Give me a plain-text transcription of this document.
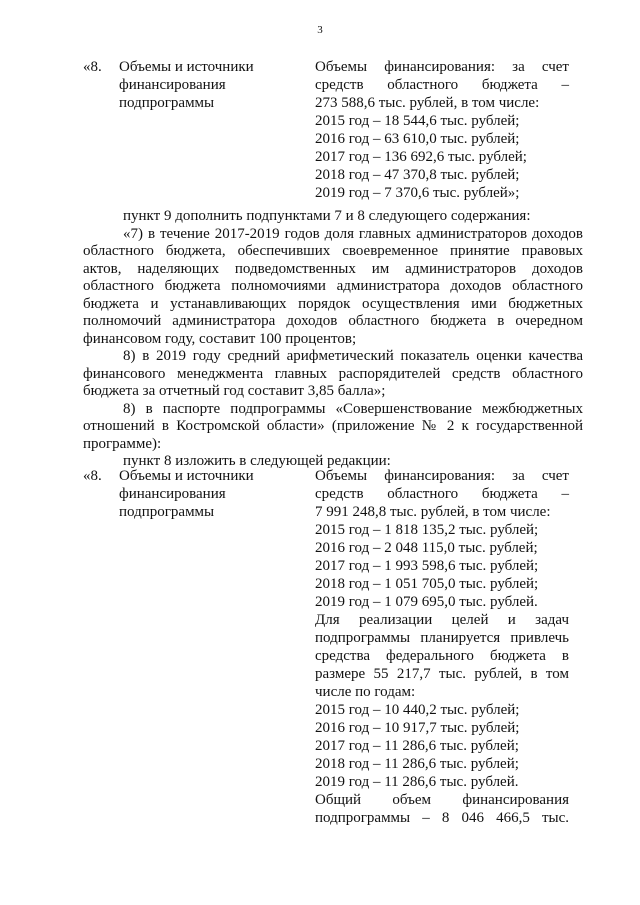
3
«8. Объемы и источники
финансирования
подпрограммы
Объемы финансирования: за счет
средств областного бюджета –
273 588,6 тыс. рублей, в том числе:
2015 год – 18 544,6 тыс. рублей;
2016 год – 63 610,0 тыс. рублей;
2017 год – 136 692,6 тыс. рублей;
2018 год – 47 370,8 тыс. рублей;
2019 год – 7 370,6 тыс. рублей»;
пункт 9 дополнить подпунктами 7 и 8 следующего содержания:
«7) в течение 2017-2019 годов доля главных администраторов доходов областного бюджета, обеспечивших своевременное принятие правовых актов, наделяющих подведомственных им администраторов доходов областного бюджета полномочиями администратора доходов областного бюджета и устанавливающих порядок осуществления ими бюджетных полномочий администратора доходов областного бюджета в очередном финансовом году, составит 100 процентов;
8) в 2019 году средний арифметический показатель оценки качества финансового менеджмента главных распорядителей средств областного бюджета за отчетный год составит 3,85 балла»;
8) в паспорте подпрограммы «Совершенствование межбюджетных отношений в Костромской области» (приложение № 2 к государственной программе):
пункт 8 изложить в следующей редакции:
«8. Объемы и источники
финансирования
подпрограммы
Объемы финансирования: за счет
средств областного бюджета –
7 991 248,8 тыс. рублей, в том числе:
2015 год – 1 818 135,2 тыс. рублей;
2016 год – 2 048 115,0 тыс. рублей;
2017 год – 1 993 598,6 тыс. рублей;
2018 год – 1 051 705,0 тыс. рублей;
2019 год – 1 079 695,0 тыс. рублей.
Для реализации целей и задач
подпрограммы планируется привлечь
средства федерального бюджета в
размере 55 217,7 тыс. рублей, в том
числе по годам:
2015 год – 10 440,2 тыс. рублей;
2016 год – 10 917,7 тыс. рублей;
2017 год – 11 286,6 тыс. рублей;
2018 год – 11 286,6 тыс. рублей;
2019 год – 11 286,6 тыс. рублей.
Общий объем финансирования
подпрограммы – 8 046 466,5 тыс.
